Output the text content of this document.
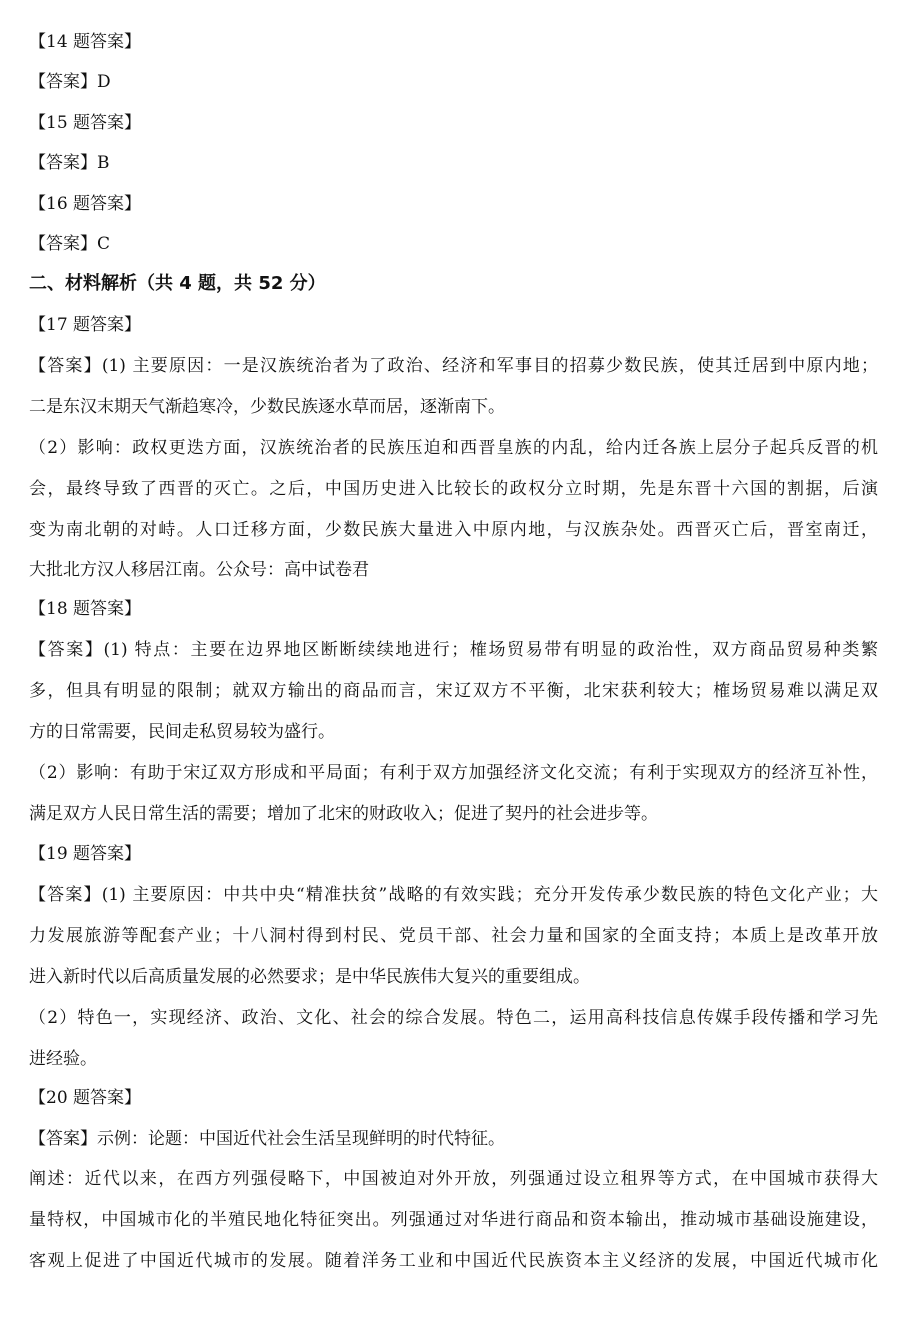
【14 题答案】
【答案】D
【15 题答案】
【答案】B
【16 题答案】
【答案】C
二、材料解析（共 4 题，共 52 分）
【17 题答案】
【答案】(1) 主要原因：一是汉族统治者为了政治、经济和军事目的招募少数民族，使其迁居到中原内地；
二是东汉末期天气渐趋寒冷，少数民族逐水草而居，逐渐南下。
（2）影响：政权更迭方面，汉族统治者的民族压迫和西晋皇族的内乱，给内迁各族上层分子起兵反晋的机
会，最终导致了西晋的灭亡。之后，中国历史进入比较长的政权分立时期，先是东晋十六国的割据，后演
变为南北朝的对峙。人口迁移方面，少数民族大量进入中原内地，与汉族杂处。西晋灭亡后，晋室南迁，
大批北方汉人移居江南。公众号：高中试卷君
【18 题答案】
【答案】(1) 特点：主要在边界地区断断续续地进行；榷场贸易带有明显的政治性，双方商品贸易种类繁
多，但具有明显的限制；就双方输出的商品而言，宋辽双方不平衡，北宋获利较大；榷场贸易难以满足双
方的日常需要，民间走私贸易较为盛行。
（2）影响：有助于宋辽双方形成和平局面；有利于双方加强经济文化交流；有利于实现双方的经济互补性，
满足双方人民日常生活的需要；增加了北宋的财政收入；促进了契丹的社会进步等。
【19 题答案】
【答案】(1) 主要原因：中共中央“精准扶贫”战略的有效实践；充分开发传承少数民族的特色文化产业；大
力发展旅游等配套产业；十八洞村得到村民、党员干部、社会力量和国家的全面支持；本质上是改革开放
进入新时代以后高质量发展的必然要求；是中华民族伟大复兴的重要组成。
（2）特色一，实现经济、政治、文化、社会的综合发展。特色二，运用高科技信息传媒手段传播和学习先
进经验。
【20 题答案】
【答案】示例：论题：中国近代社会生活呈现鲜明的时代特征。
阐述：近代以来，在西方列强侵略下，中国被迫对外开放，列强通过设立租界等方式，在中国城市获得大
量特权，中国城市化的半殖民地化特征突出。列强通过对华进行商品和资本输出，推动城市基础设施建设，
客观上促进了中国近代城市的发展。随着洋务工业和中国近代民族资本主义经济的发展，中国近代城市化
